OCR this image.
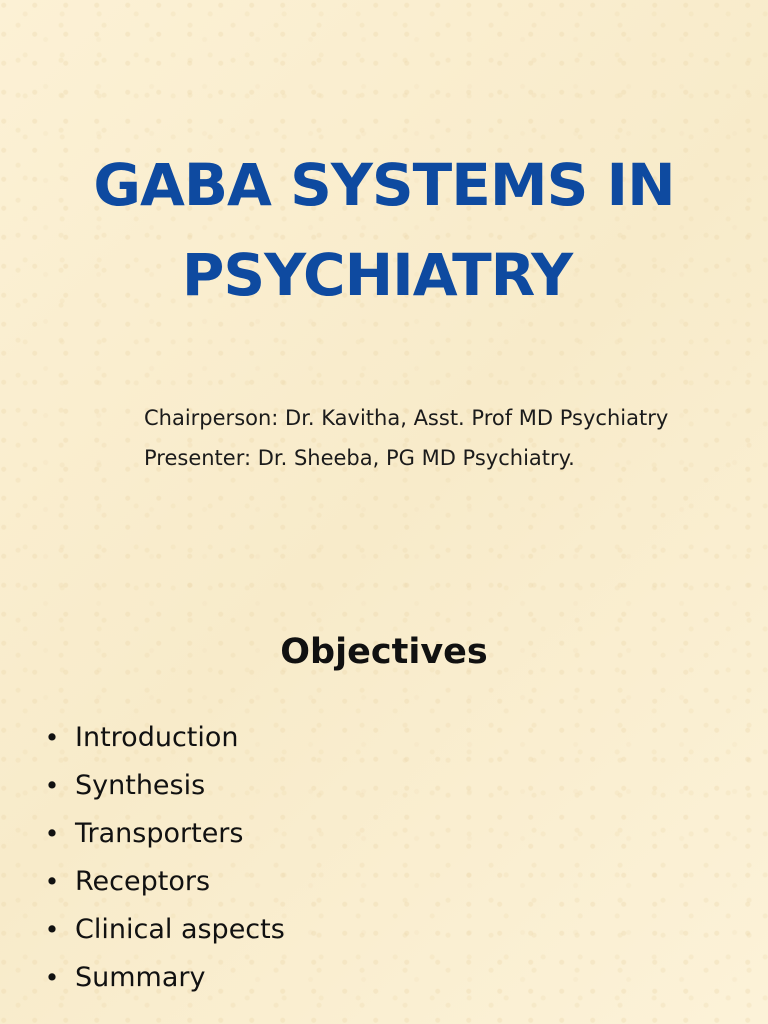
GABA SYSTEMS IN
PSYCHIATRY
Chairperson: Dr. Kavitha, Asst. Prof MD Psychiatry
Presenter: Dr. Sheeba, PG MD Psychiatry.
Objectives
• Introduction
• Synthesis
• Transporters
• Receptors
• Clinical aspects
• Summary
